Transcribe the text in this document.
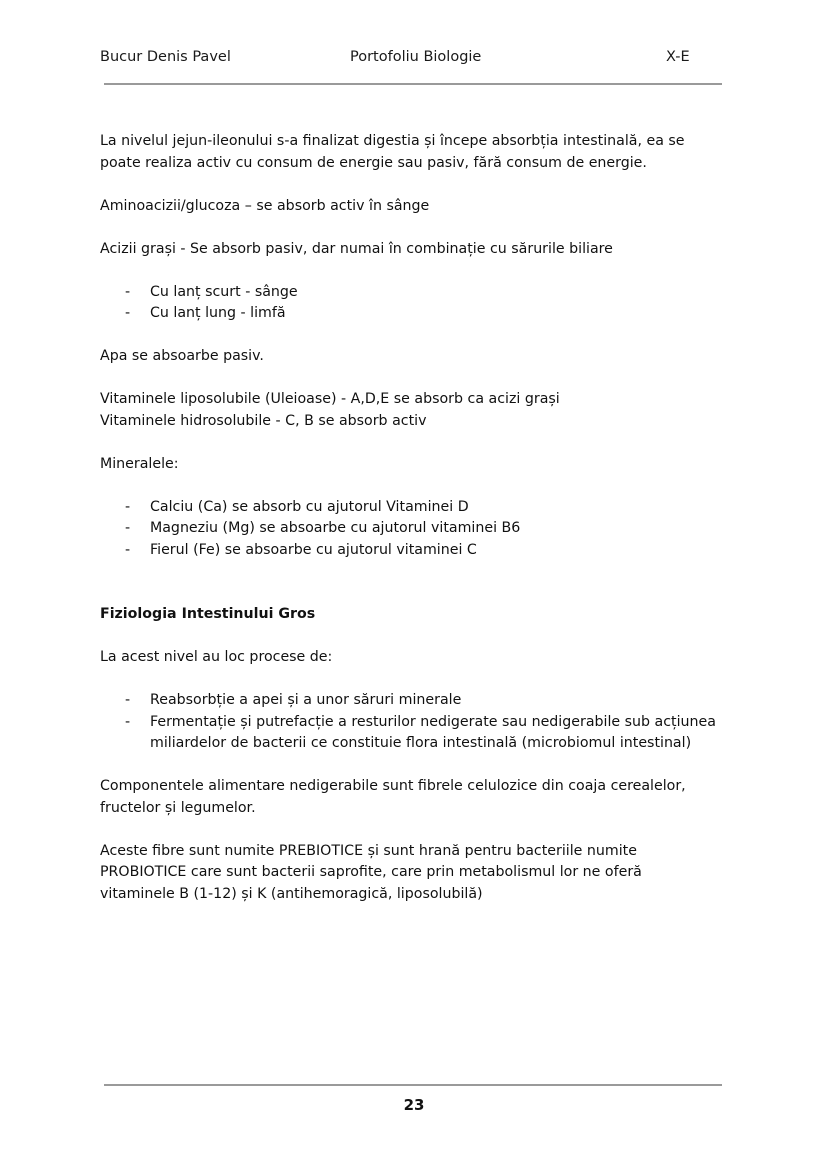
Bucur Denis Pavel	Portofoliu Biologie	X-E

La nivelul jejun-ileonului s-a finalizat digestia și începe absorbția intestinală, ea se
poate realiza activ cu consum de energie sau pasiv, fără consum de energie.

Aminoacizii/glucoza – se absorb activ în sânge

Acizii grași - Se absorb pasiv, dar numai în combinație cu sărurile biliare

- Cu lanț scurt - sânge
- Cu lanț lung - limfă

Apa se absoarbe pasiv.

Vitaminele liposolubile (Uleioase) - A,D,E se absorb ca acizi grași
Vitaminele hidrosolubile - C, B se absorb activ

Mineralele:

- Calciu (Ca) se absorb cu ajutorul Vitaminei D
- Magneziu (Mg) se absoarbe cu ajutorul vitaminei B6
- Fierul (Fe) se absoarbe cu ajutorul vitaminei C

Fiziologia Intestinului Gros

La acest nivel au loc procese de:

- Reabsorbție a apei și a unor săruri minerale
- Fermentație și putrefacție a resturilor nedigerate sau nedigerabile sub acțiunea miliardelor de bacterii ce constituie flora intestinală (microbiomul intestinal)

Componentele alimentare nedigerabile sunt fibrele celulozice din coaja cerealelor,
fructelor și legumelor.

Aceste fibre sunt numite PREBIOTICE și sunt hrană pentru bacteriile numite
PROBIOTICE care sunt bacterii saprofite, care prin metabolismul lor ne oferă
vitaminele B (1-12) și K (antihemoragică, liposolubilă)

23
